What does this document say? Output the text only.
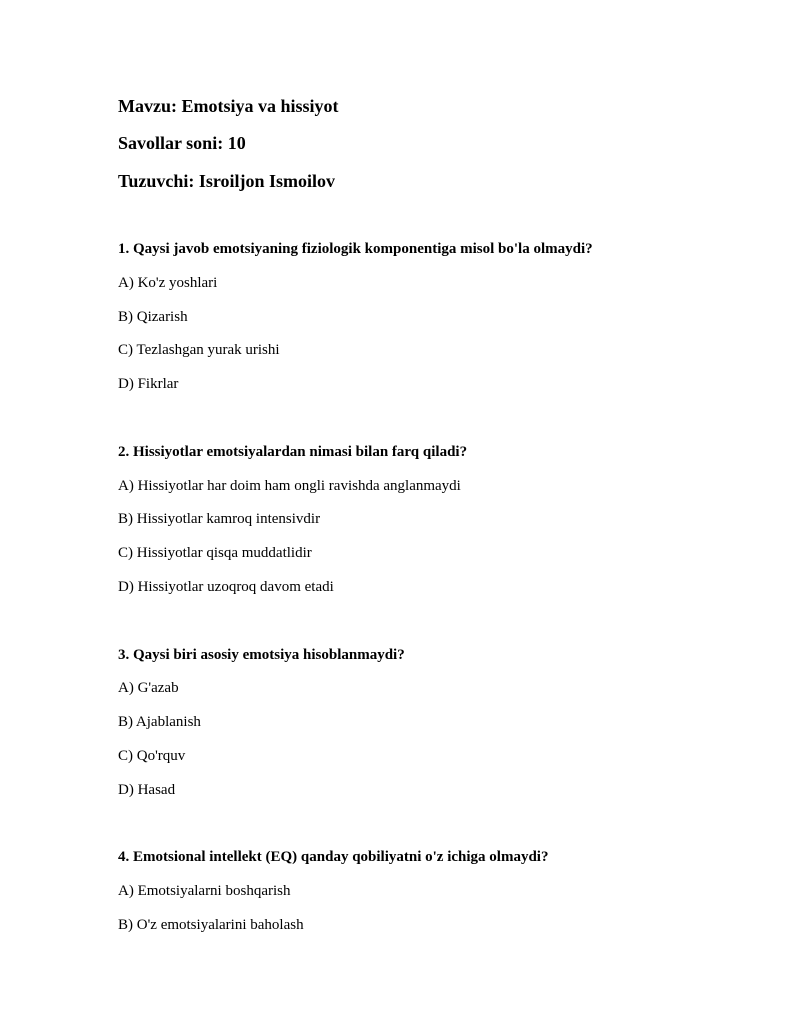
Mavzu: Emotsiya va hissiyot

Savollar soni: 10

Tuzuvchi: Isroiljon Ismoilov

1. Qaysi javob emotsiyaning fiziologik komponentiga misol bo'la olmaydi?

A) Ko'z yoshlari

B) Qizarish

C) Tezlashgan yurak urishi

D) Fikrlar

2. Hissiyotlar emotsiyalardan nimasi bilan farq qiladi?

A) Hissiyotlar har doim ham ongli ravishda anglanmaydi

B) Hissiyotlar kamroq intensivdir

C) Hissiyotlar qisqa muddatlidir

D) Hissiyotlar uzoqroq davom etadi

3. Qaysi biri asosiy emotsiya hisoblanmaydi?

A) G'azab

B) Ajablanish

C) Qo'rquv

D) Hasad

4. Emotsional intellekt (EQ) qanday qobiliyatni o'z ichiga olmaydi?

A) Emotsiyalarni boshqarish

B) O'z emotsiyalarini baholash
